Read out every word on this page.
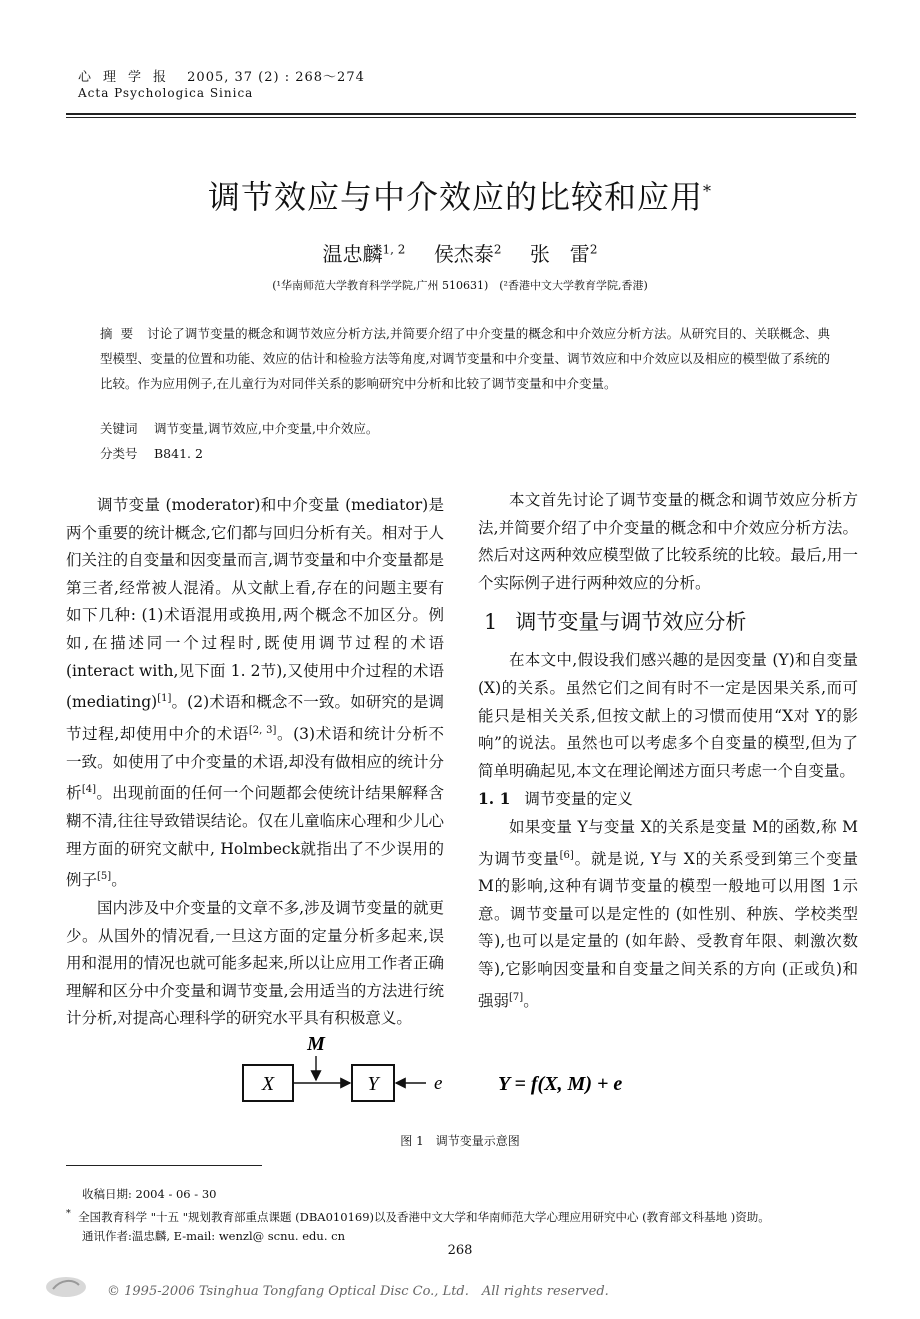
心理学报 2005, 37 (2) : 268～274
Acta Psychologica Sinica
调节效应与中介效应的比较和应用*
温忠麟$^{1, 2}$ 侯杰泰$^2$ 张　雷$^2$
(¹华南师范大学教育科学学院,广州 510631)　(²香港中文大学教育学院,香港)
摘要 讨论了调节变量的概念和调节效应分析方法,并简要介绍了中介变量的概念和中介效应分析方法。从研究目的、关联概念、典型模型、变量的位置和功能、效应的估计和检验方法等角度,对调节变量和中介变量、调节效应和中介效应以及相应的模型做了系统的比较。作为应用例子,在儿童行为对同伴关系的影响研究中分析和比较了调节变量和中介变量。
关键词　 调节变量,调节效应,中介变量,中介效应。
分类号　 B841. 2

调节变量 (moderator)和中介变量 (mediator)是两个重要的统计概念,它们都与回归分析有关。相对于人们关注的自变量和因变量而言,调节变量和中介变量都是第三者,经常被人混淆。从文献上看,存在的问题主要有如下几种: (1)术语混用或换用,两个概念不加区分。例如,在描述同一个过程时,既使用调节过程的术语 (interact with,见下面 1. 2节),又使用中介过程的术语　(mediating)[1]。(2)术语和概念不一致。如研究的是调节过程,却使用中介的术语[2, 3]。(3)术语和统计分析不一致。如使用了中介变量的术语,却没有做相应的统计分析[4]。出现前面的任何一个问题都会使统计结果解释含糊不清,往往导致错误结论。仅在儿童临床心理和少儿心理方面的研究文献中, Holmbeck就指出了不少误用的例子[5]。

国内涉及中介变量的文章不多,涉及调节变量的就更少。从国外的情况看,一旦这方面的定量分析多起来,误用和混用的情况也就可能多起来,所以让应用工作者正确理解和区分中介变量和调节变量,会用适当的方法进行统计分析,对提高心理科学的研究水平具有积极意义。

本文首先讨论了调节变量的概念和调节效应分析方法,并简要介绍了中介变量的概念和中介效应分析方法。然后对这两种效应模型做了比较系统的比较。最后,用一个实际例子进行两种效应的分析。

1 调节变量与调节效应分析

在本文中,假设我们感兴趣的是因变量 (Y)和自变量 (X)的关系。虽然它们之间有时不一定是因果关系,而可能只是相关关系,但按文献上的习惯而使用“X对 Y的影响”的说法。虽然也可以考虑多个自变量的模型,但为了简单明确起见,本文在理论阐述方面只考虑一个自变量。

1. 1 调节变量的定义

如果变量 Y与变量 X的关系是变量 M的函数,称 M为调节变量[6]。就是说, Y与 X的关系受到第三个变量 M的影响,这种有调节变量的模型一般地可以用图 1示意。调节变量可以是定性的 (如性别、种族、学校类型等),也可以是定量的 (如年龄、受教育年限、刺激次数等),它影响因变量和自变量之间关系的方向 (正或负)和强弱[7]。

M
X	Y	e	Y = f(X, M) + e
图 1　调节变量示意图
收稿日期: 2004 - 06 - 30
* 全国教育科学 "十五 "规划教育部重点课题 (DBA010169)以及香港中文大学和华南师范大学心理应用研究中心 (教育部文科基地 )资助。
通讯作者:温忠麟, E-mail: wenzl@ scnu. edu. cn
268
© 1995-2006 Tsinghua Tongfang Optical Disc Co., Ltd.　All rights reserved.
